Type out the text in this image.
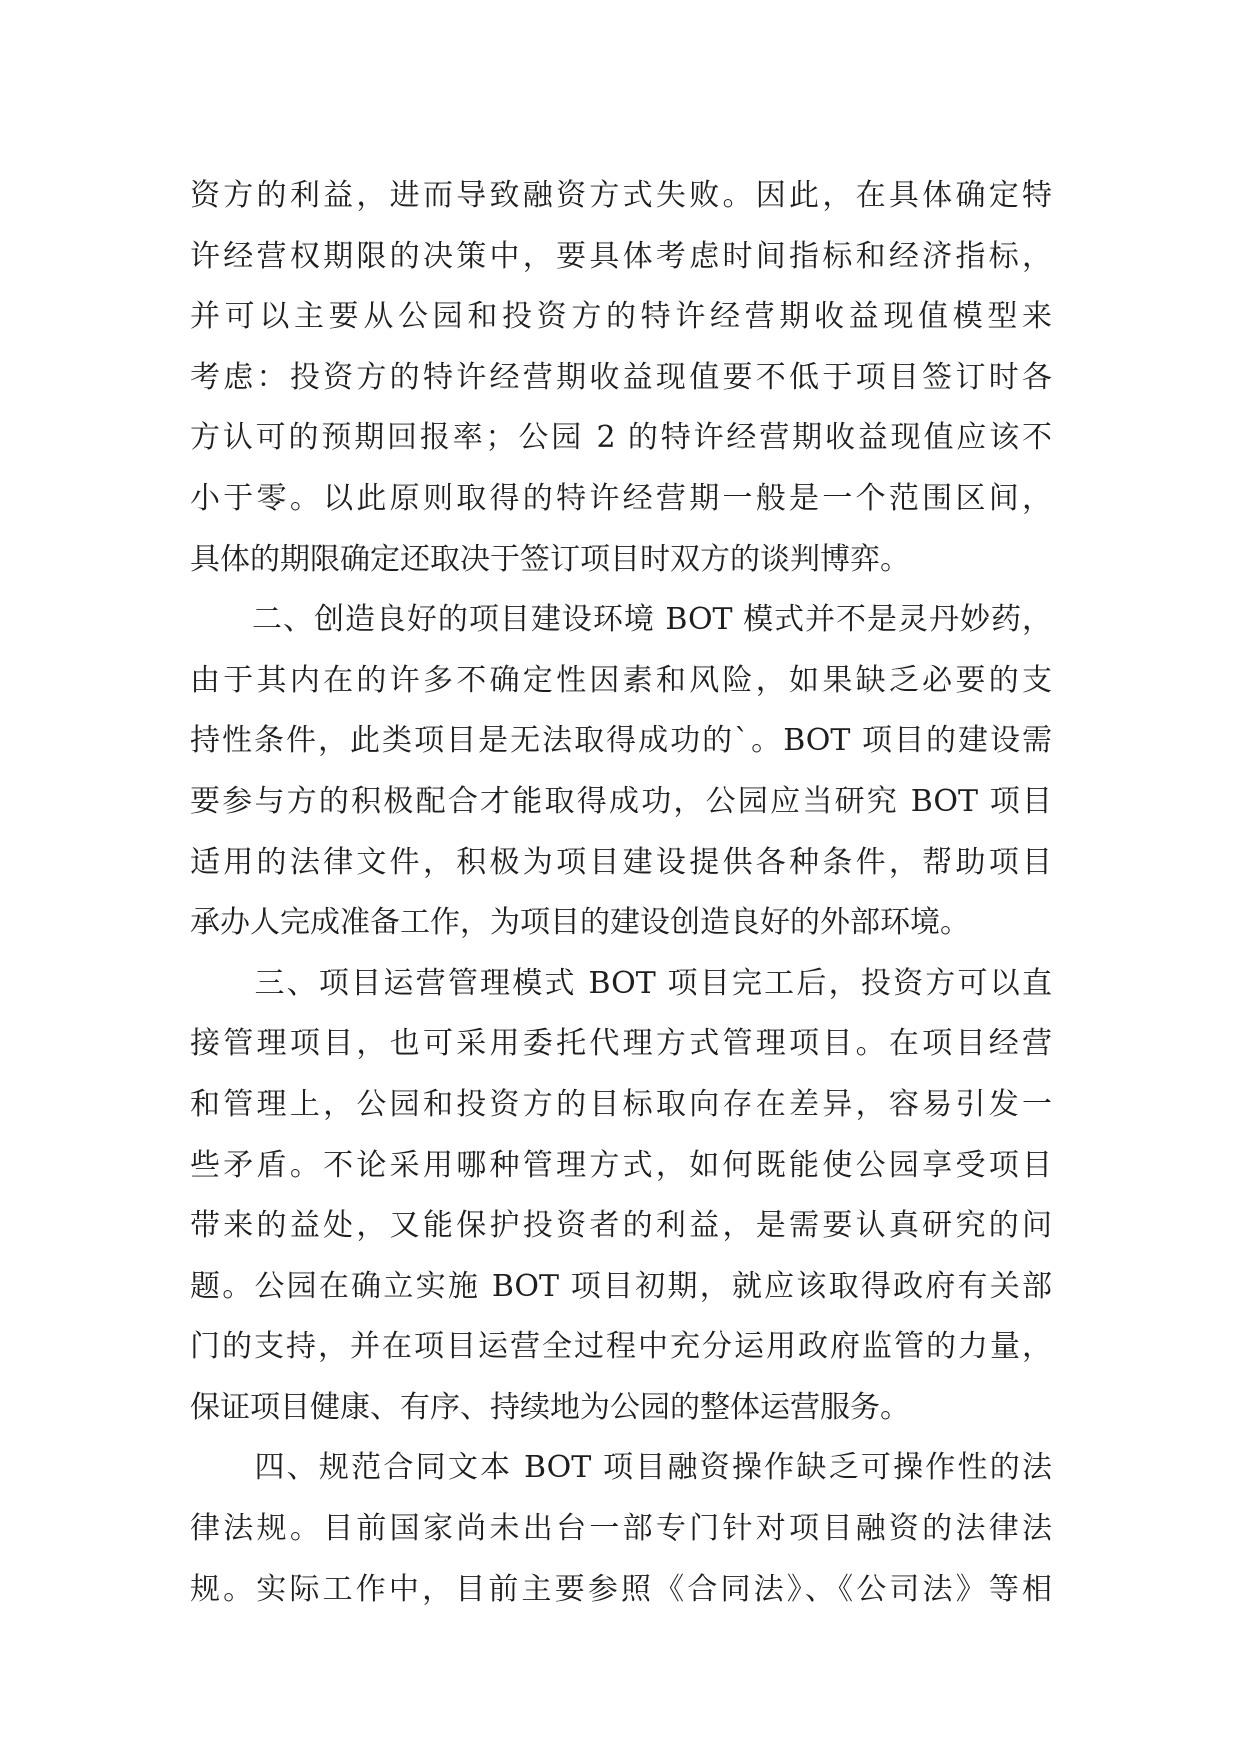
资方的利益，进而导致融资方式失败。因此，在具体确定特
许经营权期限的决策中，要具体考虑时间指标和经济指标，
并可以主要从公园和投资方的特许经营期收益现值模型来
考虑：投资方的特许经营期收益现值要不低于项目签订时各
方认可的预期回报率；公园 2 的特许经营期收益现值应该不
小于零。以此原则取得的特许经营期一般是一个范围区间，
具体的期限确定还取决于签订项目时双方的谈判博弈。
　　二、创造良好的项目建设环境 BOT 模式并不是灵丹妙药，
由于其内在的许多不确定性因素和风险，如果缺乏必要的支
持性条件，此类项目是无法取得成功的`。BOT 项目的建设需
要参与方的积极配合才能取得成功，公园应当研究 BOT 项目
适用的法律文件，积极为项目建设提供各种条件，帮助项目
承办人完成准备工作，为项目的建设创造良好的外部环境。
　　三、项目运营管理模式 BOT 项目完工后，投资方可以直
接管理项目，也可采用委托代理方式管理项目。在项目经营
和管理上，公园和投资方的目标取向存在差异，容易引发一
些矛盾。不论采用哪种管理方式，如何既能使公园享受项目
带来的益处，又能保护投资者的利益，是需要认真研究的问
题。公园在确立实施 BOT 项目初期，就应该取得政府有关部
门的支持，并在项目运营全过程中充分运用政府监管的力量，
保证项目健康、有序、持续地为公园的整体运营服务。
　　四、规范合同文本 BOT 项目融资操作缺乏可操作性的法
律法规。目前国家尚未出台一部专门针对项目融资的法律法
规。实际工作中，目前主要参照《合同法》、《公司法》等相
